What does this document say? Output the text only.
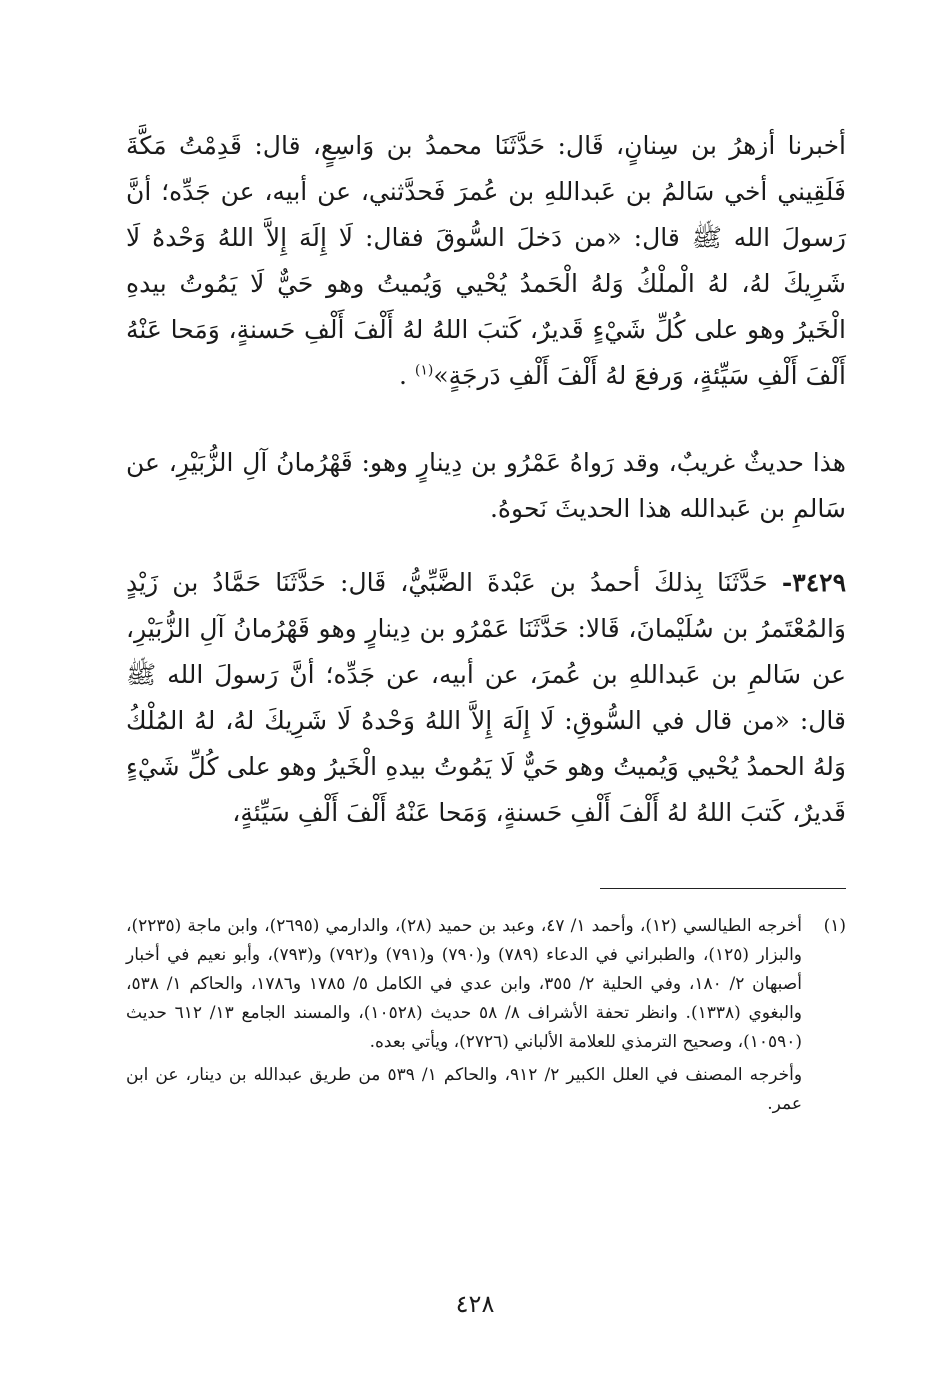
أخبرنا أزهرُ بن سِنانٍ، قَال: حَدَّثَنَا محمدُ بن وَاسِعٍ، قال: قَدِمْتُ مَكَّةَ فَلَقِيني أخي سَالمُ بن عَبداللهِ بن عُمرَ فَحدَّثني، عن أبيه، عن جَدِّه؛ أنَّ رَسولَ الله ﷺ قال: «من دَخلَ السُّوقَ فقال: لَا إِلَهَ إِلاَّ اللهُ وَحْدهُ لَا شَرِيكَ لهُ، لهُ الْملْكُ وَلهُ الْحَمدُ يُحْيي وَيُميتُ وهو حَيٌّ لَا يَمُوتُ بيدهِ الْخَيرُ وهو على كُلِّ شَيْءٍ قَديرٌ، كَتبَ اللهُ لهُ أَلْفَ أَلْفِ حَسنةٍ، وَمَحا عَنْهُ أَلْفَ أَلْفِ سَيِّئةٍ، وَرفعَ لهُ أَلْفَ أَلْفِ دَرجَةٍ»$^{(١)}$ .

هذا حديثٌ غريبٌ، وقد رَواهُ عَمْرُو بن دِينارٍ وهو: قَهْرُمانُ آلِ الزُّبَيْرِ، عن سَالمِ بن عَبدالله هذا الحديثَ نَحوهُ.

٣٤٢٩- حَدَّثَنَا بِذلكَ أحمدُ بن عَبْدةَ الضَّبِّيُّ، قَال: حَدَّثَنَا حَمَّادُ بن زَيْدٍ وَالمُعْتَمرُ بن سُلَيْمانَ، قَالا: حَدَّثَنَا عَمْرُو بن دِينارٍ وهو قَهْرُمانُ آلِ الزُّبَيْرِ، عن سَالمِ بن عَبداللهِ بن عُمرَ، عن أبيه، عن جَدِّه؛ أنَّ رَسولَ الله ﷺ قال: «من قال في السُّوقِ: لَا إِلَهَ إِلاَّ اللهُ وَحْدهُ لَا شَرِيكَ لهُ، لهُ المُلْكُ وَلهُ الحمدُ يُحْيي وَيُميتُ وهو حَيٌّ لَا يَمُوتُ بيدهِ الْخَيرُ وهو على كُلِّ شَيْءٍ قَديرٌ، كَتبَ اللهُ لهُ أَلْفَ أَلْفِ حَسنةٍ، وَمَحا عَنْهُ أَلْفَ أَلْفِ سَيِّئةٍ،

(١)
أخرجه الطيالسي (١٢)، وأحمد ١/ ٤٧، وعبد بن حميد (٢٨)، والدارمي (٢٦٩٥)، وابن ماجة (٢٢٣٥)، والبزار (١٢٥)، والطبراني في الدعاء (٧٨٩) و(٧٩٠) و(٧٩١) و(٧٩٢) و(٧٩٣)، وأبو نعيم في أخبار أصبهان ٢/ ١٨٠، وفي الحلية ٢/ ٣٥٥، وابن عدي في الكامل ٥/ ١٧٨٥ و١٧٨٦، والحاكم ١/ ٥٣٨، والبغوي (١٣٣٨). وانظر تحفة الأشراف ٨/ ٥٨ حديث (١٠٥٢٨)، والمسند الجامع ١٣/ ٦١٢ حديث (١٠٥٩٠)، وصحيح الترمذي للعلامة الألباني (٢٧٢٦)، ويأتي بعده.

وأخرجه المصنف في العلل الكبير ٢/ ٩١٢، والحاكم ١/ ٥٣٩ من طريق عبدالله بن دينار، عن ابن عمر.

٤٢٨
